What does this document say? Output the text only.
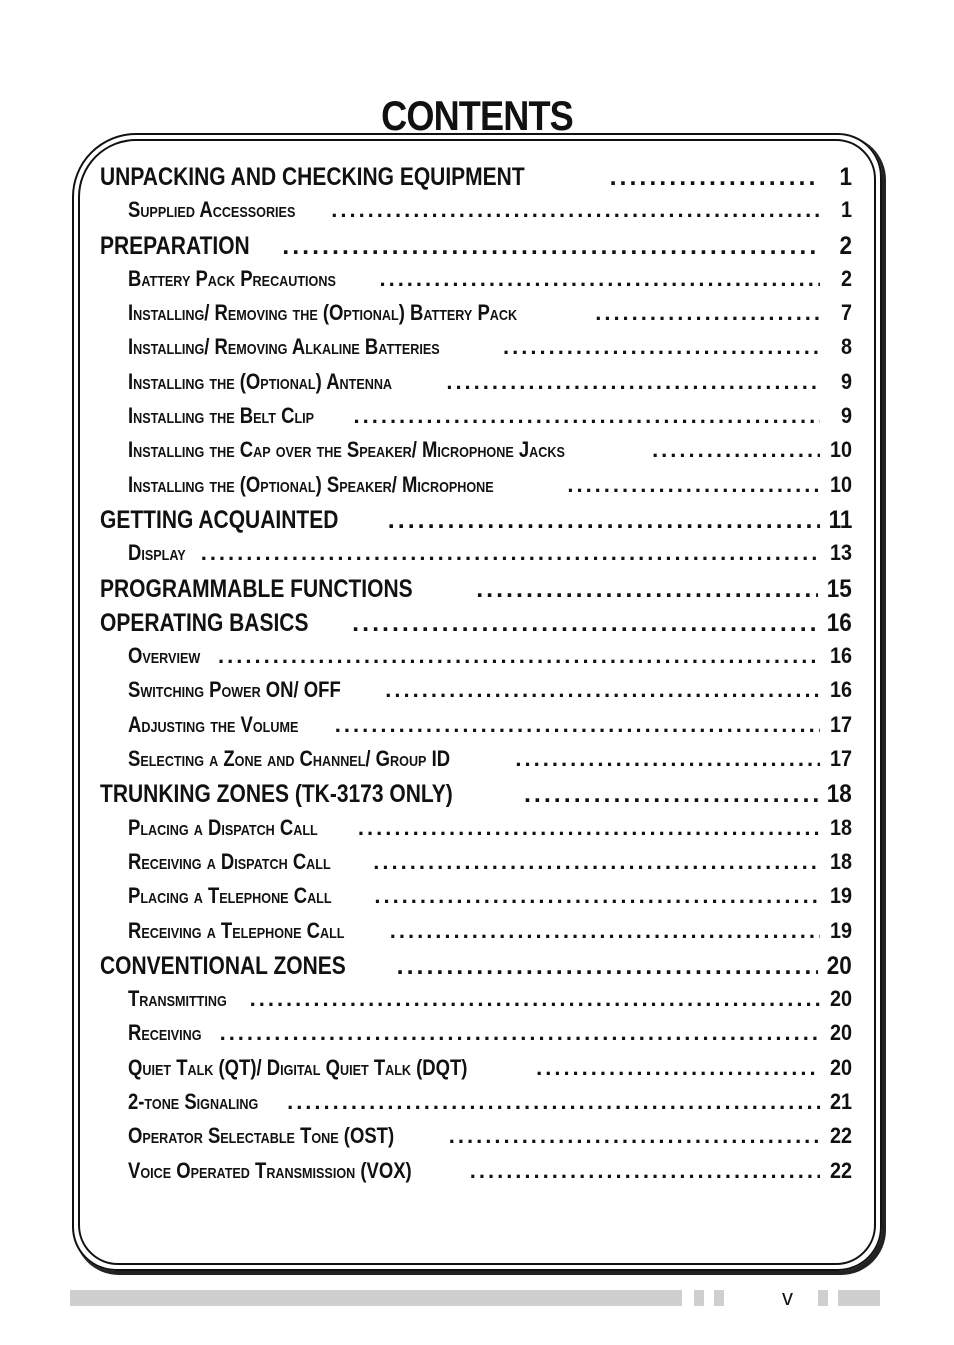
CONTENTS
UNPACKING AND CHECKING EQUIPMENT .....	1
Supplied Accessories .....	1
PREPARATION .....	2
Battery Pack Precautions .....	2
Installing/ Removing the (Optional) Battery Pack .....	7
Installing/ Removing Alkaline Batteries .....	8
Installing the (Optional) Antenna .....	9
Installing the Belt Clip .....	9
Installing the Cap over the Speaker/ Microphone Jacks .....	10
Installing the (Optional) Speaker/ Microphone .....	10
GETTING ACQUAINTED .....	11
Display .....	13
PROGRAMMABLE FUNCTIONS .....	15
OPERATING BASICS .....	16
Overview .....	16
Switching Power ON/ OFF .....	16
Adjusting the Volume .....	17
Selecting a Zone and Channel/ Group ID .....	17
TRUNKING ZONES (TK-3173 ONLY) .....	18
Placing a Dispatch Call .....	18
Receiving a Dispatch Call .....	18
Placing a Telephone Call .....	19
Receiving a Telephone Call .....	19
CONVENTIONAL ZONES .....	20
Transmitting .....	20
Receiving .....	20
Quiet Talk (QT)/ Digital Quiet Talk (DQT) .....	20
2-tone Signaling .....	21
Operator Selectable Tone (OST) .....	22
Voice Operated Transmission (VOX) .....	22
v
